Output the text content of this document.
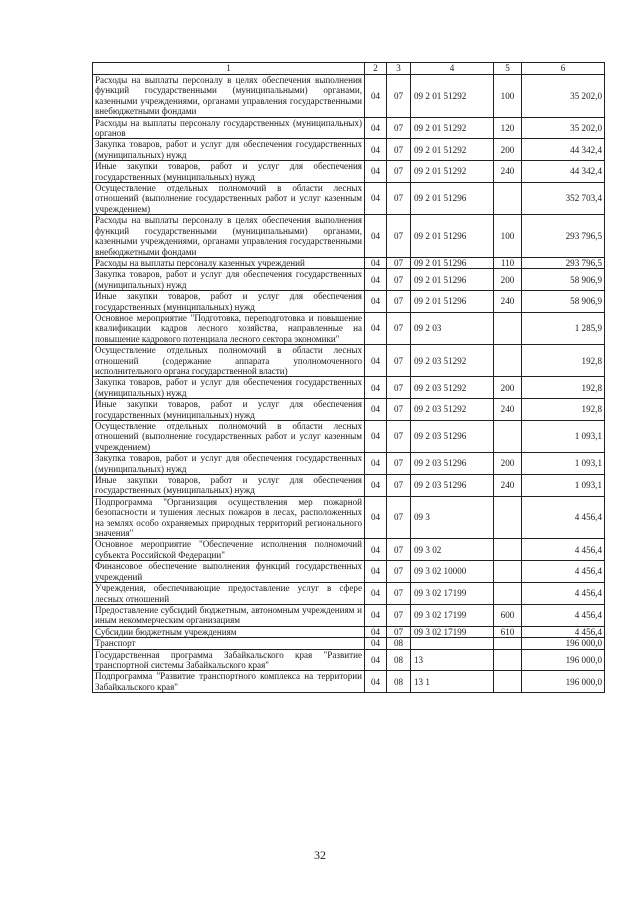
1	2	3	4	5	6
Расходы на выплаты персоналу в целях обеспечения выполнения функций государственными (муниципальными) органами, казенными учреждениями, органами управления государственными внебюджетными фондами	04	07	09 2 01 51292	100	35 202,0
Расходы на выплаты персоналу государственных (муниципальных) органов	04	07	09 2 01 51292	120	35 202,0
Закупка товаров, работ и услуг для обеспечения государственных (муниципальных) нужд	04	07	09 2 01 51292	200	44 342,4
Иные закупки товаров, работ и услуг для обеспечения государственных (муниципальных) нужд	04	07	09 2 01 51292	240	44 342,4
Осуществление отдельных полномочий в области лесных отношений (выполнение государственных работ и услуг казенным учреждением)	04	07	09 2 01 51296		352 703,4
Расходы на выплаты персоналу в целях обеспечения выполнения функций государственными (муниципальными) органами, казенными учреждениями, органами управления государственными внебюджетными фондами	04	07	09 2 01 51296	100	293 796,5
Расходы на выплаты персоналу казенных учреждений	04	07	09 2 01 51296	110	293 796,5
Закупка товаров, работ и услуг для обеспечения государственных (муниципальных) нужд	04	07	09 2 01 51296	200	58 906,9
Иные закупки товаров, работ и услуг для обеспечения государственных (муниципальных) нужд	04	07	09 2 01 51296	240	58 906,9
Основное мероприятие "Подготовка, переподготовка и повышение квалификации кадров лесного хозяйства, направленные на повышение кадрового потенциала лесного сектора экономики"	04	07	09 2 03		1 285,9
Осуществление отдельных полномочий в области лесных отношений (содержание аппарата уполномоченного исполнительного органа государственной власти)	04	07	09 2 03 51292		192,8
Закупка товаров, работ и услуг для обеспечения государственных (муниципальных) нужд	04	07	09 2 03 51292	200	192,8
Иные закупки товаров, работ и услуг для обеспечения государственных (муниципальных) нужд	04	07	09 2 03 51292	240	192,8
Осуществление отдельных полномочий в области лесных отношений (выполнение государственных работ и услуг казенным учреждением)	04	07	09 2 03 51296		1 093,1
Закупка товаров, работ и услуг для обеспечения государственных (муниципальных) нужд	04	07	09 2 03 51296	200	1 093,1
Иные закупки товаров, работ и услуг для обеспечения государственных (муниципальных) нужд	04	07	09 2 03 51296	240	1 093,1
Подпрограмма "Организация осуществления мер пожарной безопасности и тушения лесных пожаров в лесах, расположенных на землях особо охраняемых природных территорий регионального значения"	04	07	09 3		4 456,4
Основное мероприятие "Обеспечение исполнения полномочий субъекта Российской Федерации"	04	07	09 3 02		4 456,4
Финансовое обеспечение выполнения функций государственных учреждений	04	07	09 3 02 10000		4 456,4
Учреждения, обеспечивающие предоставление услуг в сфере лесных отношений	04	07	09 3 02 17199		4 456,4
Предоставление субсидий бюджетным, автономным учреждениям и иным некоммерческим организациям	04	07	09 3 02 17199	600	4 456,4
Субсидии бюджетным учреждениям	04	07	09 3 02 17199	610	4 456,4
Транспорт	04	08			196 000,0
Государственная программа Забайкальского края "Развитие транспортной системы Забайкальского края"	04	08	13		196 000,0
Подпрограмма "Развитие транспортного комплекса на территории Забайкальского края"	04	08	13 1		196 000,0
32
